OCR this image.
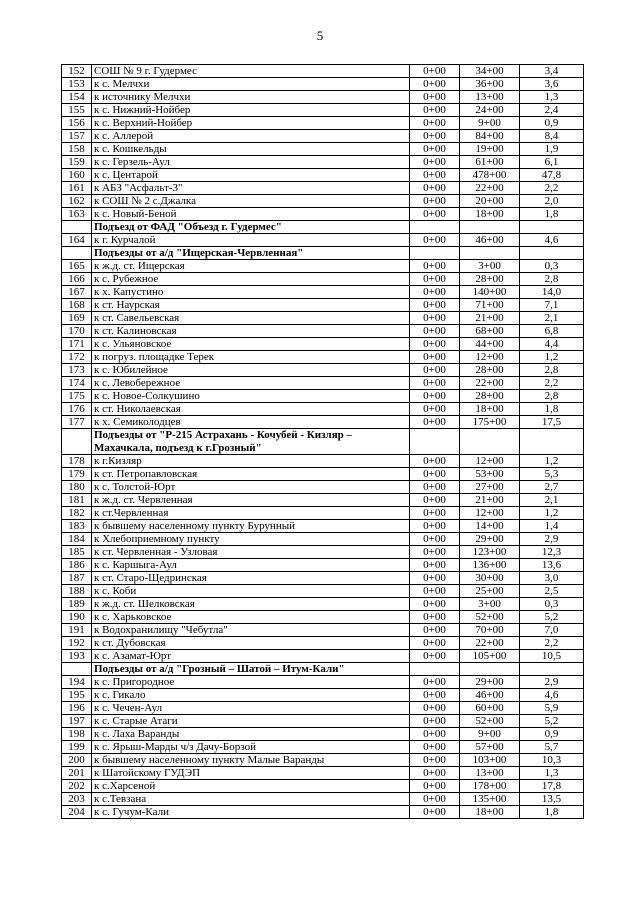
5
152	СОШ № 9 г. Гудермес	0+00	34+00	3,4
153	к с. Мелчхи	0+00	36+00	3,6
154	к источнику Мелчхи	0+00	13+00	1,3
155	к с. Нижний-Нойбер	0+00	24+00	2,4
156	к с. Верхний-Нойбер	0+00	9+00	0,9
157	к с. Аллерой	0+00	84+00	8,4
158	к с. Кошкельды	0+00	19+00	1,9
159	к с. Герзель-Аул	0+00	61+00	6,1
160	к с. Центарой	0+00	478+00	47,8
161	к АБЗ "Асфальт-3"	0+00	22+00	2,2
162	к СОШ № 2 с.Джалка	0+00	20+00	2,0
163	к с. Новый-Беной	0+00	18+00	1,8
	Подъезд от ФАД "Объезд г. Гудермес"			
164	к г. Курчалой	0+00	46+00	4,6
	Подъезды от а/д "Ищерская-Червленная"			
165	к ж.д. ст. Ищерская	0+00	3+00	0,3
166	к с. Рубежное	0+00	28+00	2,8
167	к х. Капустино	0+00	140+00	14,0
168	к ст. Наурская	0+00	71+00	7,1
169	к ст. Савельевская	0+00	21+00	2,1
170	к ст. Калиновская	0+00	68+00	6,8
171	к с. Ульяновское	0+00	44+00	4,4
172	к погруз. площадке Терек	0+00	12+00	1,2
173	к с. Юбилейное	0+00	28+00	2,8
174	к с. Левобережное	0+00	22+00	2,2
175	к с. Новое-Солкушино	0+00	28+00	2,8
176	к ст. Николаевская	0+00	18+00	1,8
177	к х. Семиколодцев	0+00	175+00	17,5
	Подъезды от "Р-215 Астрахань - Кочубей - Кизляр – Махачкала, подъезд к г.Грозный"			
178	к г.Кизляр	0+00	12+00	1,2
179	к ст. Петропавловская	0+00	53+00	5,3
180	к с. Толстой-Юрт	0+00	27+00	2,7
181	к ж.д. ст. Червленная	0+00	21+00	2,1
182	к ст.Червленная	0+00	12+00	1,2
183	к бывшему населенному пункту Бурунный	0+00	14+00	1,4
184	к Хлебоприемному пункту	0+00	29+00	2,9
185	к ст. Червленная - Узловая	0+00	123+00	12,3
186	к с. Каршыга-Аул	0+00	136+00	13,6
187	к ст. Старо-Щедринская	0+00	30+00	3,0
188	к с. Коби	0+00	25+00	2,5
189	к ж.д. ст. Шелковская	0+00	3+00	0,3
190	к с. Харьковское	0+00	52+00	5,2
191	к Водохранилищу "Чебутла"	0+00	70+00	7,0
192	к ст. Дубовская	0+00	22+00	2,2
193	к с. Азамат-Юрт	0+00	105+00	10,5
	Подъезды от а/д "Грозный – Шатой – Итум-Кали"			
194	к с. Пригородное	0+00	29+00	2,9
195	к с. Гикало	0+00	46+00	4,6
196	к с. Чечен-Аул	0+00	60+00	5,9
197	к с. Старые Атаги	0+00	52+00	5,2
198	к с. Лаха Варанды	0+00	9+00	0,9
199	к с. Ярыш-Марды ч/з Дачу-Борзой	0+00	57+00	5,7
200	к бывшему населенному пункту Малые Варанды	0+00	103+00	10,3
201	к Шатойскому ГУДЭП	0+00	13+00	1,3
202	к с.Харсеной	0+00	178+00	17,8
203	к с.Тевзана	0+00	135+00	13,5
204	к с. Гучум-Кали	0+00	18+00	1,8
